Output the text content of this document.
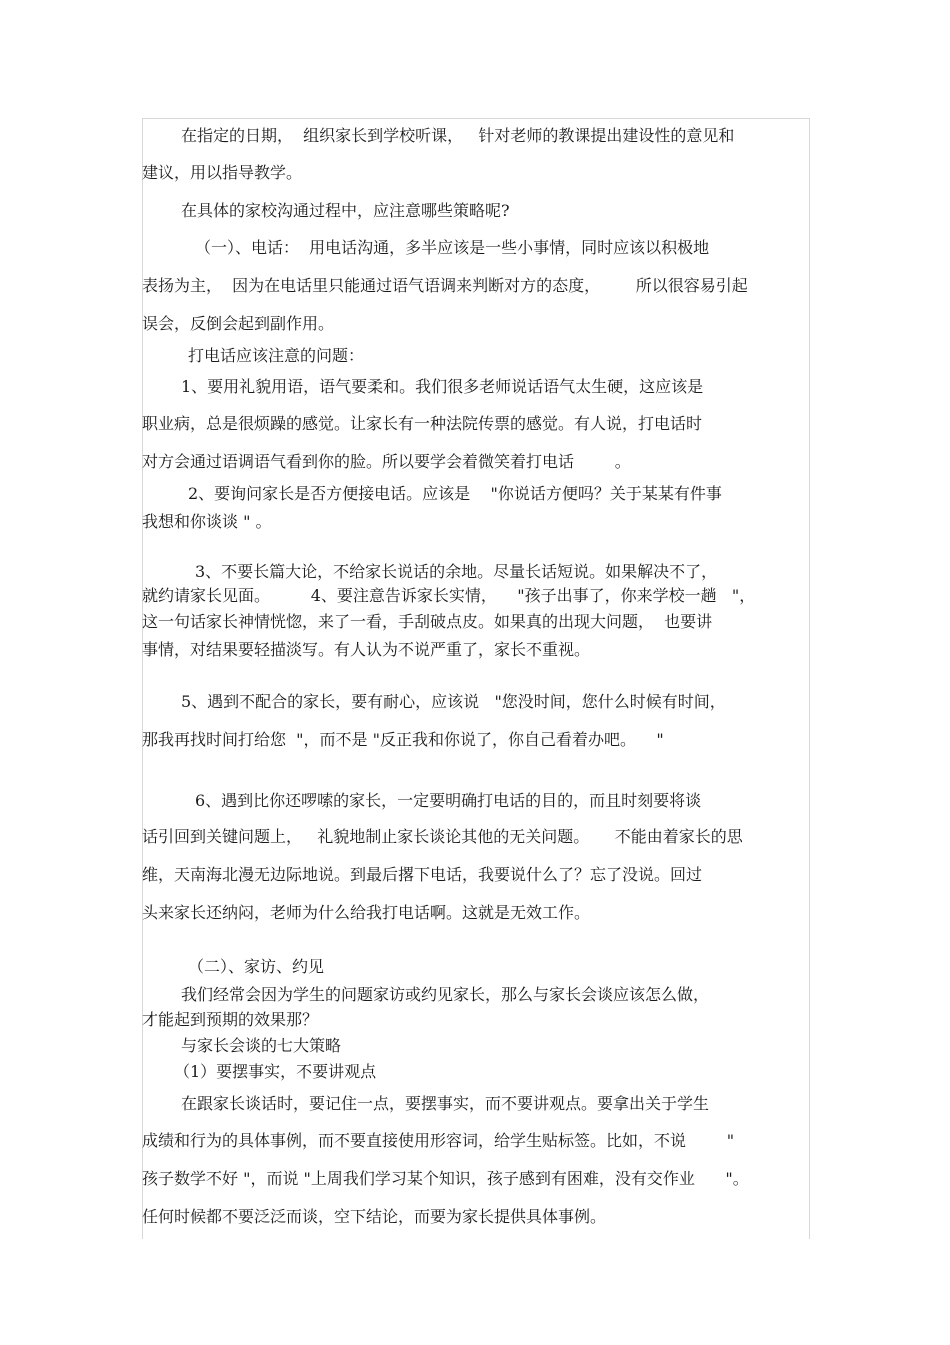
在指定的日期，  组织家长到学校听课，   针对老师的教课提出建设性的意见和
建议，用以指导教学。
在具体的家校沟通过程中，应注意哪些策略呢?
（一）、电话：  用电话沟通，多半应该是一些小事情，同时应该以积极地
表扬为主，  因为在电话里只能通过语气语调来判断对方的态度，       所以很容易引起
误会，反倒会起到副作用。
打电话应该注意的问题：
1、要用礼貌用语，语气要柔和。我们很多老师说话语气太生硬，这应该是
职业病，总是很烦躁的感觉。让家长有一种法院传票的感觉。有人说，打电话时
对方会通过语调语气看到你的脸。所以要学会着微笑着打电话        。
2、要询问家长是否方便接电话。应该是    "你说话方便吗？关于某某有件事
我想和你谈谈 " 。
3、不要长篇大论，不给家长说话的余地。尽量长话短说。如果解决不了，
就约请家长见面。        4、要注意告诉家长实情，    "孩子出事了，你来学校一趟   "，
这一句话家长神情恍惚，来了一看，手刮破点皮。如果真的出现大问题，  也要讲
事情，对结果要轻描淡写。有人认为不说严重了，家长不重视。
5、遇到不配合的家长，要有耐心，应该说   "您没时间，您什么时候有时间，
那我再找时间打给您  "，而不是 "反正我和你说了，你自己看着办吧。    "
6、遇到比你还啰嗦的家长，一定要明确打电话的目的，而且时刻要将谈
话引回到关键问题上，   礼貌地制止家长谈论其他的无关问题。     不能由着家长的思
维，天南海北漫无边际地说。到最后撂下电话，我要说什么了？忘了没说。回过
头来家长还纳闷，老师为什么给我打电话啊。这就是无效工作。
（二）、家访、约见
我们经常会因为学生的问题家访或约见家长，那么与家长会谈应该怎么做，
才能起到预期的效果那？
与家长会谈的七大策略
（1）要摆事实，不要讲观点
在跟家长谈话时，要记住一点，要摆事实，而不要讲观点。要拿出关于学生
成绩和行为的具体事例，而不要直接使用形容词，给学生贴标签。比如，不说        "
孩子数学不好 "，而说 "上周我们学习某个知识，孩子感到有困难，没有交作业      "。
任何时候都不要泛泛而谈，空下结论，而要为家长提供具体事例。
